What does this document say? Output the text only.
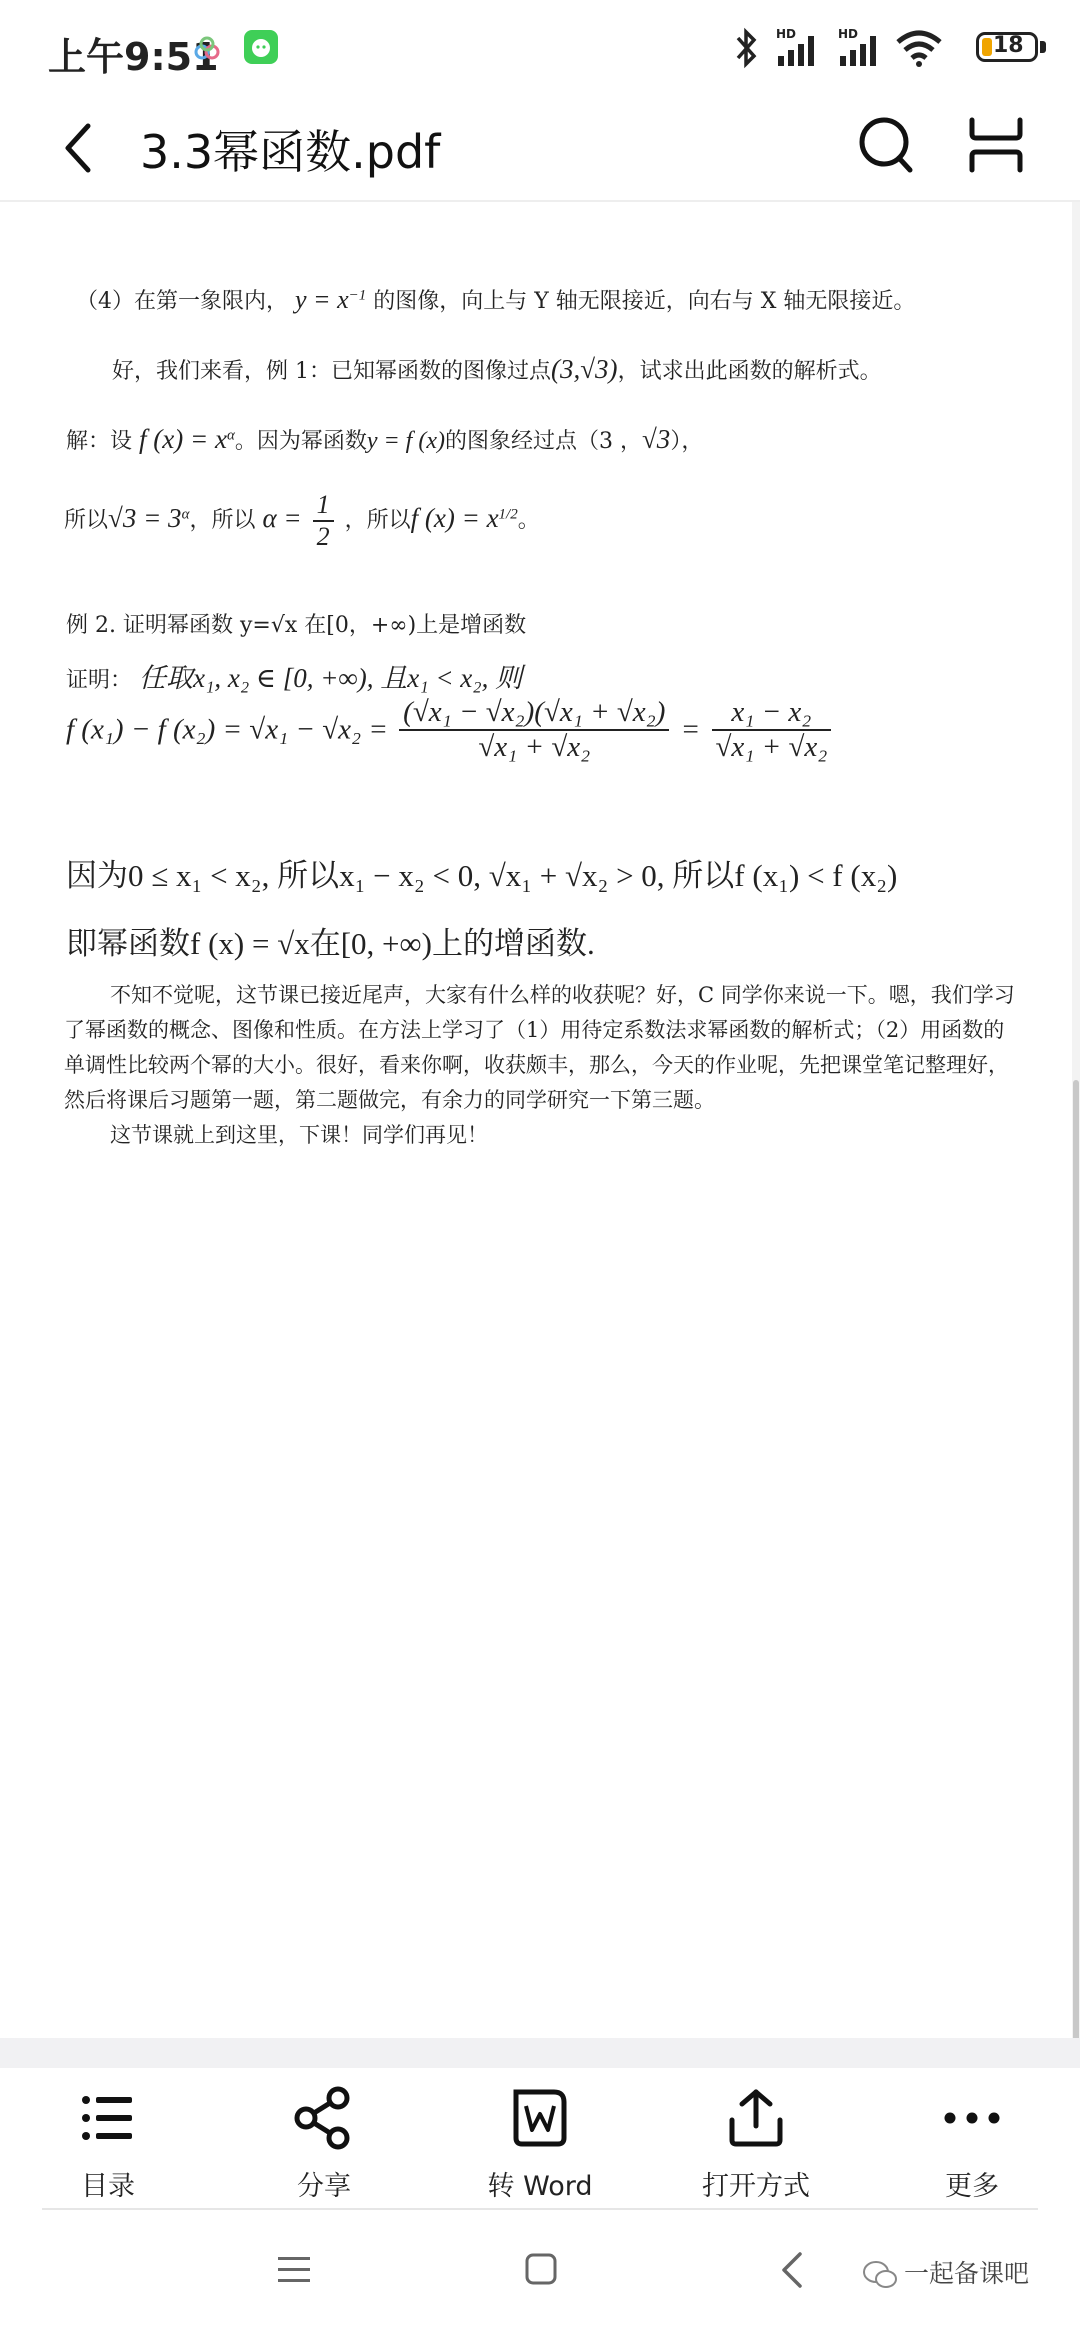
上午9:51
HD	HD	18
3.3幂函数.pdf
（4）在第一象限内， $y = x^{-1}$ 的图像，向上与 Y 轴无限接近，向右与 X 轴无限接近。
好，我们来看，例 1：已知幂函数的图像过点(3,√3)，试求出此函数的解析式。
解：设 f $(x) = x^\alpha$。因为幂函数y = f (x)的图象经过点（3 ，√3），
所以$√3 = 3^\alpha$，所以 $\alpha = \frac{1}{2}$ ，所以f $(x) = x^{1/2}$。
例 2. 证明幂函数 y=√x 在[0，+∞)上是增函数
证明： 任取x₁, x₂ ∈ [0, +∞), 且x₁ < x₂, 则
f (x₁) − f $(x_2) = √x_1 - √x_2 = \frac{\text{(√x₁ − √x₂)(√x₁ + √x₂)}}{\text{√x₁ + √x₂}} = \frac{\text{x₁ − x₂}}{\text{√x₁ + √x₂}}$
因为0 ≤ x₁ < x₂, 所以x₁ − x₂ < 0, √x₁ + √x₂ > 0, 所以f (x₁) < f (x₂)
即幂函数f (x) = √x在[0, +∞)上的增函数.

不知不觉呢，这节课已接近尾声，大家有什么样的收获呢？好，C 同学你来说一下。嗯，我们学习了幂函数的概念、图像和性质。在方法上学习了（1）用待定系数法求幂函数的解析式；（2）用函数的单调性比较两个幂的大小。很好，看来你啊，收获颇丰，那么，今天的作业呢，先把课堂笔记整理好，然后将课后习题第一题，第二题做完，有余力的同学研究一下第三题。

这节课就上到这里，下课！同学们再见！

目录	分享	转 Word	打开方式	更多
一起备课吧
